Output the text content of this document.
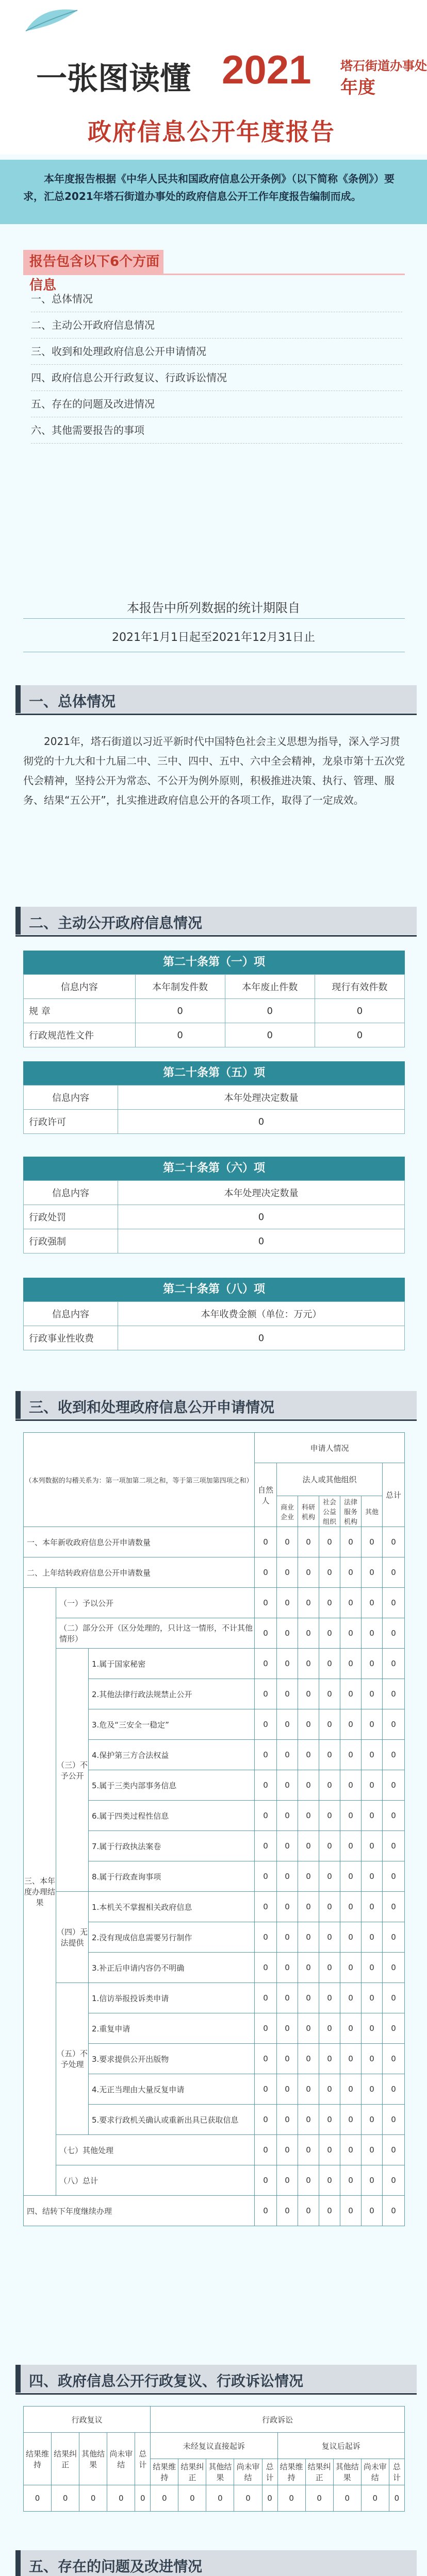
一张图读懂 2021 塔石街道办事处
年度
政府信息公开年度报告
本年度报告根据《中华人民共和国政府信息公开条例》（以下简称《条例》）要求，汇总2021年塔石街道办事处的政府信息公开工作年度报告编制而成。
报告包含以下6个方面信息
一、总体情况
二、主动公开政府信息情况
三、收到和处理政府信息公开申请情况
四、政府信息公开行政复议、行政诉讼情况
五、存在的问题及改进情况
六、其他需要报告的事项
本报告中所列数据的统计期限自
2021年1月1日起至2021年12月31日止
一、总体情况
2021年，塔石街道以习近平新时代中国特色社会主义思想为指导，深入学习贯彻党的十九大和十九届二中、三中、四中、五中、六中全会精神，龙泉市第十五次党代会精神，坚持公开为常态、不公开为例外原则，积极推进决策、执行、管理、服务、结果“五公开”，扎实推进政府信息公开的各项工作，取得了一定成效。
二、主动公开政府信息情况
第二十条第（一）项
信息内容	本年制发件数	本年废止件数	现行有效件数
规 章	0	0	0
行政规范性文件	0	0	0
第二十条第（五）项
信息内容	本年处理决定数量
行政许可	0
第二十条第（六）项
信息内容	本年处理决定数量
行政处罚	0
行政强制	0
第二十条第（八）项
信息内容	本年收费金额（单位：万元）
行政事业性收费	0
三、收到和处理政府信息公开申请情况
（本列数据的勾稽关系为：第一项加第二项之和，等于第三项加第四项之和）			申请人情况						
			自然人	法人或其他组织					总计
				商业企业	科研机构	社会公益组织	法律服务机构	其他	
一、本年新收政府信息公开申请数量			0	0	0	0	0	0	0
二、上年结转政府信息公开申请数量			0	0	0	0	0	0	0
三、本年度办理结果	（一）予以公开		0	0	0	0	0	0	0
	（二）部分公开（区分处理的，只计这一情形，不计其他情形）		0	0	0	0	0	0	0
	（三）不予公开	1.属于国家秘密	0	0	0	0	0	0	0
		2.其他法律行政法规禁止公开	0	0	0	0	0	0	0
		3.危及“三安全一稳定”	0	0	0	0	0	0	0
		4.保护第三方合法权益	0	0	0	0	0	0	0
		5.属于三类内部事务信息	0	0	0	0	0	0	0
		6.属于四类过程性信息	0	0	0	0	0	0	0
		7.属于行政执法案卷	0	0	0	0	0	0	0
		8.属于行政查询事项	0	0	0	0	0	0	0
	（四）无法提供	1.本机关不掌握相关政府信息	0	0	0	0	0	0	0
		2.没有现成信息需要另行制作	0	0	0	0	0	0	0
		3.补正后申请内容仍不明确	0	0	0	0	0	0	0
	（五）不予处理	1.信访举报投诉类申请	0	0	0	0	0	0	0
		2.重复申请	0	0	0	0	0	0	0
		3.要求提供公开出版物	0	0	0	0	0	0	0
		4.无正当理由大量反复申请	0	0	0	0	0	0	0
		5.要求行政机关确认或重新出具已获取信息	0	0	0	0	0	0	0
	（七）其他处理		0	0	0	0	0	0	0
	（八）总计		0	0	0	0	0	0	0
四、结转下年度继续办理			0	0	0	0	0	0	0
四、政府信息公开行政复议、行政诉讼情况
行政复议					行政诉讼									
结果维持	结果纠正	其他结果	尚未审结	总计	未经复议直接起诉					复议后起诉				
					结果维持	结果纠正	其他结果	尚未审结	总计	结果维持	结果纠正	其他结果	尚未审结	总计
0	0	0	0	0	0	0	0	0	0	0	0	0	0	0
五、存在的问题及改进情况
